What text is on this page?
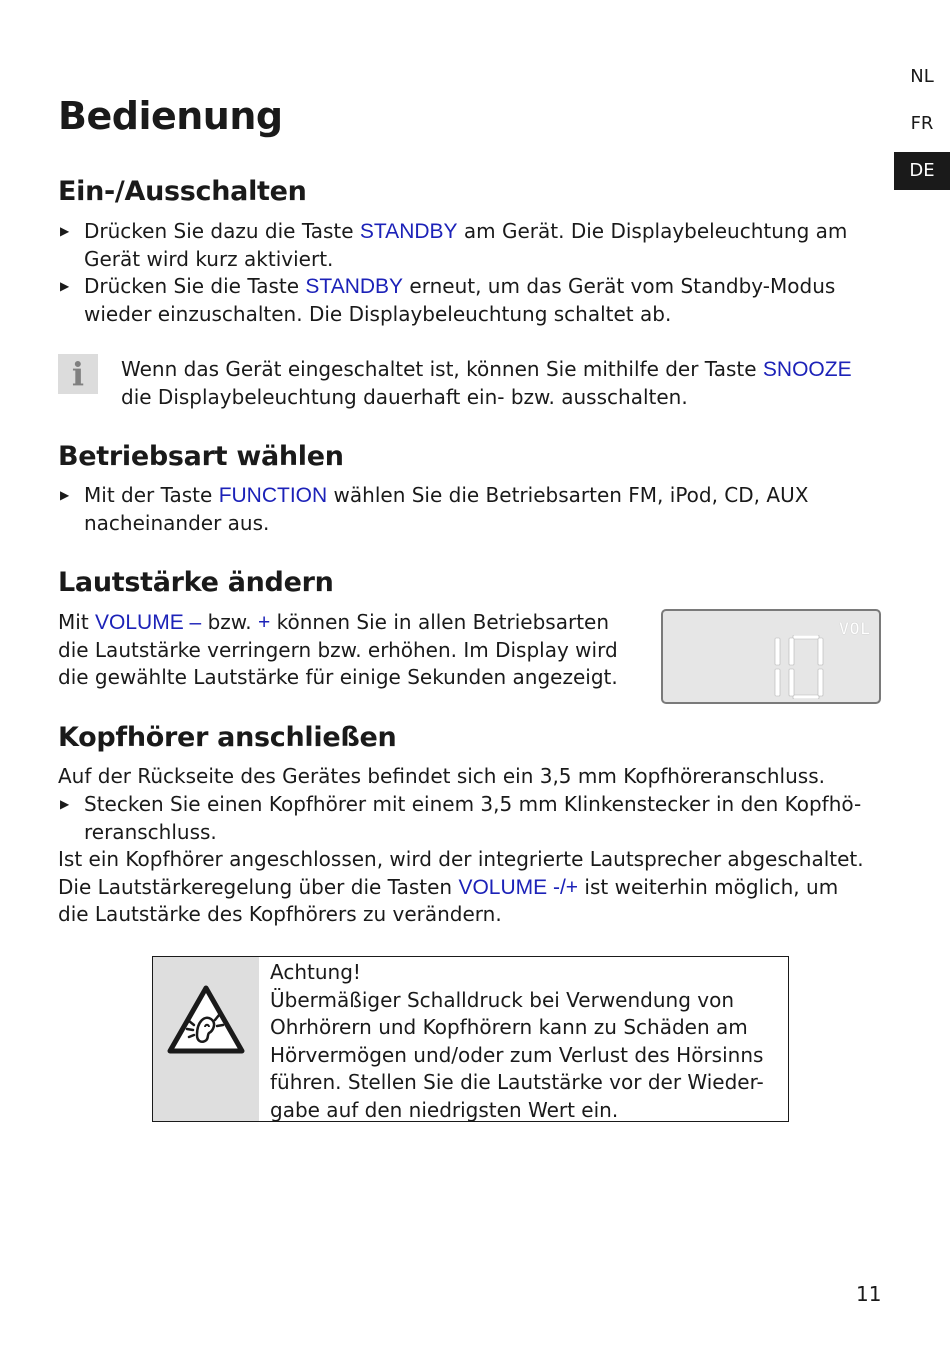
NL
FR
DE
Bedienung
Ein-/Ausschalten
▶ Drücken Sie dazu die Taste STANDBY am Gerät. Die Displaybeleuchtung am Gerät wird kurz aktiviert.
▶ Drücken Sie die Taste STANDBY erneut, um das Gerät vom Standby-Modus wieder einzuschalten. Die Displaybeleuchtung schaltet ab.
Betriebsart wählen
▶ Mit der Taste FUNCTION wählen Sie die Betriebsarten FM, iPod, CD, AUX nacheinander aus.
Lautstärke ändern
Mit VOLUME – bzw. + können Sie in allen Betriebsarten
die Lautstärke verringern bzw. erhöhen. Im Display wird
die gewählte Lautstärke für einige Sekunden angezeigt.
Kopfhörer anschließen
Auf der Rückseite des Gerätes befindet sich ein 3,5 mm Kopfhöreranschluss.
▶ Stecken Sie einen Kopfhörer mit einem 3,5 mm Klinkenstecker in den Kopfhö-reranschluss.
Ist ein Kopfhörer angeschlossen, wird der integrierte Lautsprecher abgeschaltet.
Die Lautstärkeregelung über die Tasten VOLUME -/+ ist weiterhin möglich, um
die Lautstärke des Kopfhörers zu verändern.
i	Wenn das Gerät eingeschaltet ist, können Sie mithilfe der Taste SNOOZE die Displaybeleuchtung dauerhaft ein- bzw. ausschalten.

VOL
Achtung!
Übermäßiger Schalldruck bei Verwendung von Ohrhörern und Kopfhörern kann zu Schäden am Hörvermögen und/oder zum Verlust des Hörsinns führen. Stellen Sie die Lautstärke vor der Wieder-gabe auf den niedrigsten Wert ein.
11
